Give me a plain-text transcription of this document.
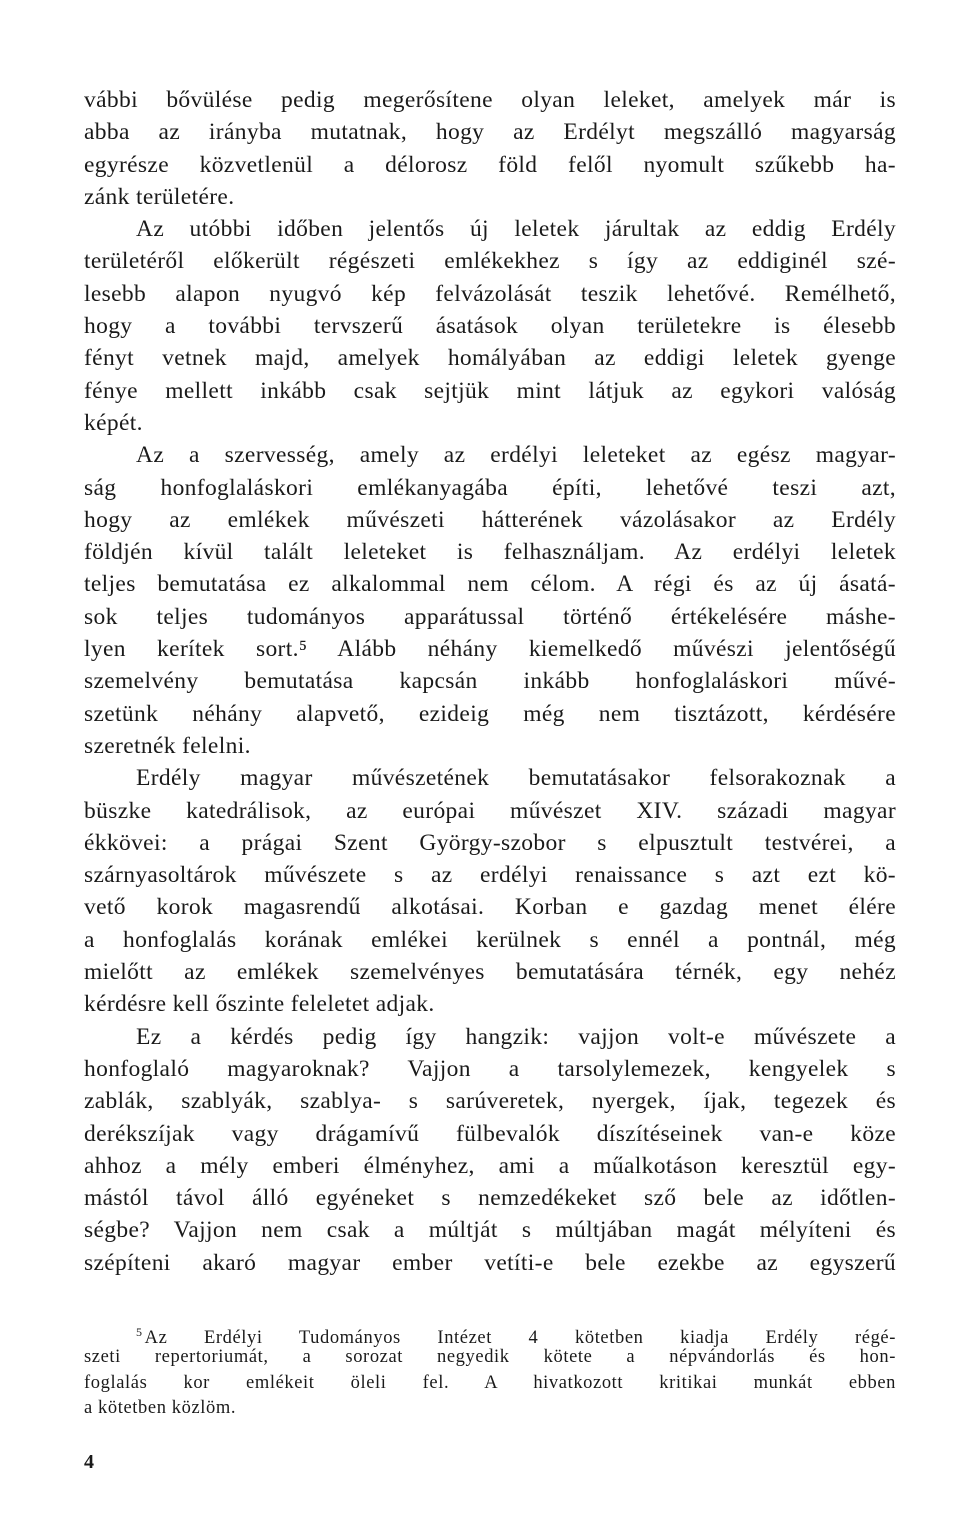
vábbi bővülése pedig megerősítene olyan leleket, amelyek már is
abba az irányba mutatnak, hogy az Erdélyt megszálló magyarság
egyrésze közvetlenül a délorosz föld felől nyomult szűkebb ha-
zánk területére.
Az utóbbi időben jelentős új leletek járultak az eddig Erdély
területéről előkerült régészeti emlékekhez s így az eddiginél szé-
lesebb alapon nyugvó kép felvázolását teszik lehetővé. Remélhető,
hogy a további tervszerű ásatások olyan területekre is élesebb
fényt vetnek majd, amelyek homályában az eddigi leletek gyenge
fénye mellett inkább csak sejtjük mint látjuk az egykori valóság
képét.
Az a szervesség, amely az erdélyi leleteket az egész magyar-
ság honfoglaláskori emlékanyagába építi, lehetővé teszi azt,
hogy az emlékek művészeti hátterének vázolásakor az Erdély
földjén kívül talált leleteket is felhasználjam. Az erdélyi leletek
teljes bemutatása ez alkalommal nem célom. A régi és az új ásatá-
sok teljes tudományos apparátussal történő értékelésére máshe-
lyen kerítek sort.⁵ Alább néhány kiemelkedő művészi jelentőségű
szemelvény bemutatása kapcsán inkább honfoglaláskori művé-
szetünk néhány alapvető, ezideig még nem tisztázott, kérdésére
szeretnék felelni.
Erdély magyar művészetének bemutatásakor felsorakoznak a
büszke katedrálisok, az európai művészet XIV. századi magyar
ékkövei: a prágai Szent György-szobor s elpusztult testvérei, a
szárnyasoltárok művészete s az erdélyi renaissance s azt ezt kö-
vető korok magasrendű alkotásai. Korban e gazdag menet élére
a honfoglalás korának emlékei kerülnek s ennél a pontnál, még
mielőtt az emlékek szemelvényes bemutatására térnék, egy nehéz
kérdésre kell őszinte feleletet adjak.
Ez a kérdés pedig így hangzik: vajjon volt-e művészete a
honfoglaló magyaroknak? Vajjon a tarsolylemezek, kengyelek s
zablák, szablyák, szablya- s sarúveretek, nyergek, íjak, tegezek és
derékszíjak vagy drágamívű fülbevalók díszítéseinek van-e köze
ahhoz a mély emberi élményhez, ami a műalkotáson keresztül egy-
mástól távol álló egyéneket s nemzedékeket sző bele az időtlen-
ségbe? Vajjon nem csak a múltját s múltjában magát mélyíteni és
szépíteni akaró magyar ember vetíti-e bele ezekbe az egyszerű
$^5$ Az Erdélyi Tudományos Intézet 4 kötetben kiadja Erdély régé-
szeti repertoriumát, a sorozat negyedik kötete a népvándorlás és hon-
foglalás kor emlékeit öleli fel. A hivatkozott kritikai munkát ebben
a kötetben közlöm.
4
